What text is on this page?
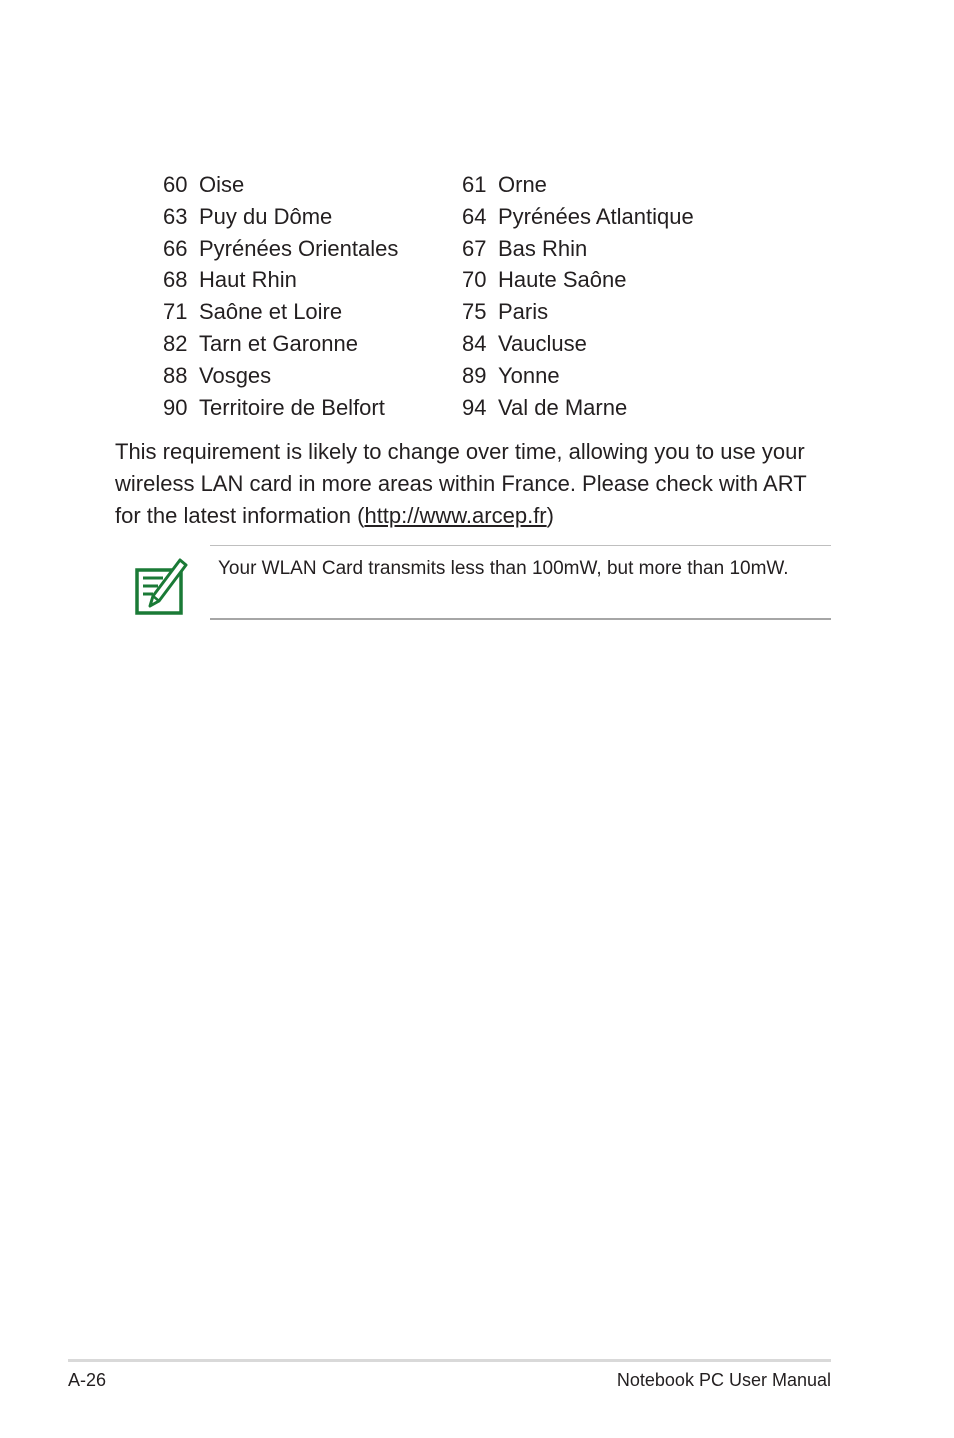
60 Oise	61 Orne
63 Puy du Dôme	64 Pyrénées Atlantique
66 Pyrénées Orientales	67 Bas Rhin
68 Haut Rhin	70 Haute Saône
71 Saône et Loire	75 Paris
82 Tarn et Garonne	84 Vaucluse
88 Vosges	89 Yonne
90 Territoire de Belfort	94 Val de Marne

This requirement is likely to change over time, allowing you to use your wireless LAN card in more areas within France. Please check with ART for the latest information (http://www.arcep.fr)

Your WLAN Card transmits less than 100mW, but more than 10mW.

A-26	Notebook PC User Manual
